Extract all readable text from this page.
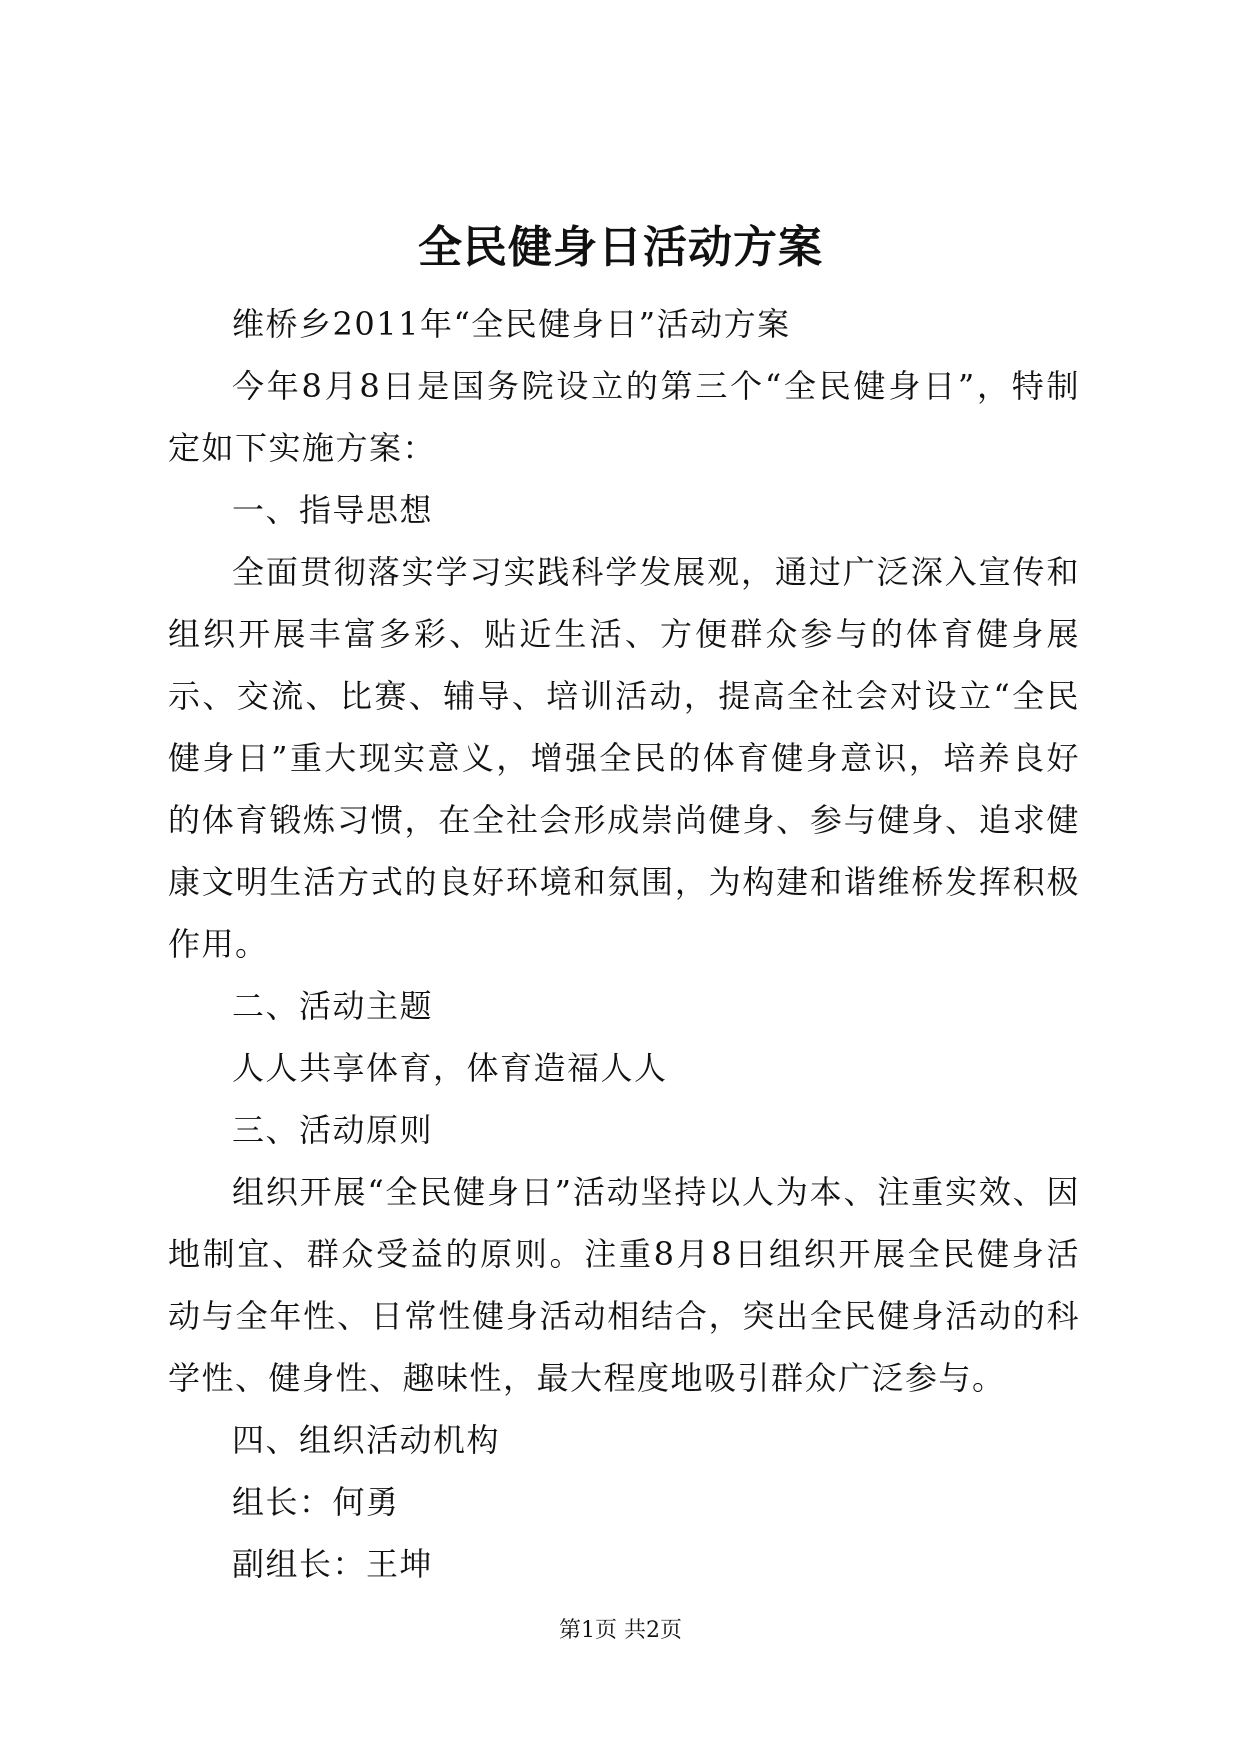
全民健身日活动方案

维桥乡2011年“全民健身日”活动方案

今年8月8日是国务院设立的第三个“全民健身日”，特制定如下实施方案：

一、指导思想

全面贯彻落实学习实践科学发展观，通过广泛深入宣传和组织开展丰富多彩、贴近生活、方便群众参与的体育健身展示、交流、比赛、辅导、培训活动，提高全社会对设立“全民健身日”重大现实意义，增强全民的体育健身意识，培养良好的体育锻炼习惯，在全社会形成崇尚健身、参与健身、追求健康文明生活方式的良好环境和氛围，为构建和谐维桥发挥积极作用。

二、活动主题

人人共享体育，体育造福人人

三、活动原则

组织开展“全民健身日”活动坚持以人为本、注重实效、因地制宜、群众受益的原则。注重8月8日组织开展全民健身活动与全年性、日常性健身活动相结合，突出全民健身活动的科学性、健身性、趣味性，最大程度地吸引群众广泛参与。

四、组织活动机构

组长：何勇

副组长：王坤

第1页 共2页
